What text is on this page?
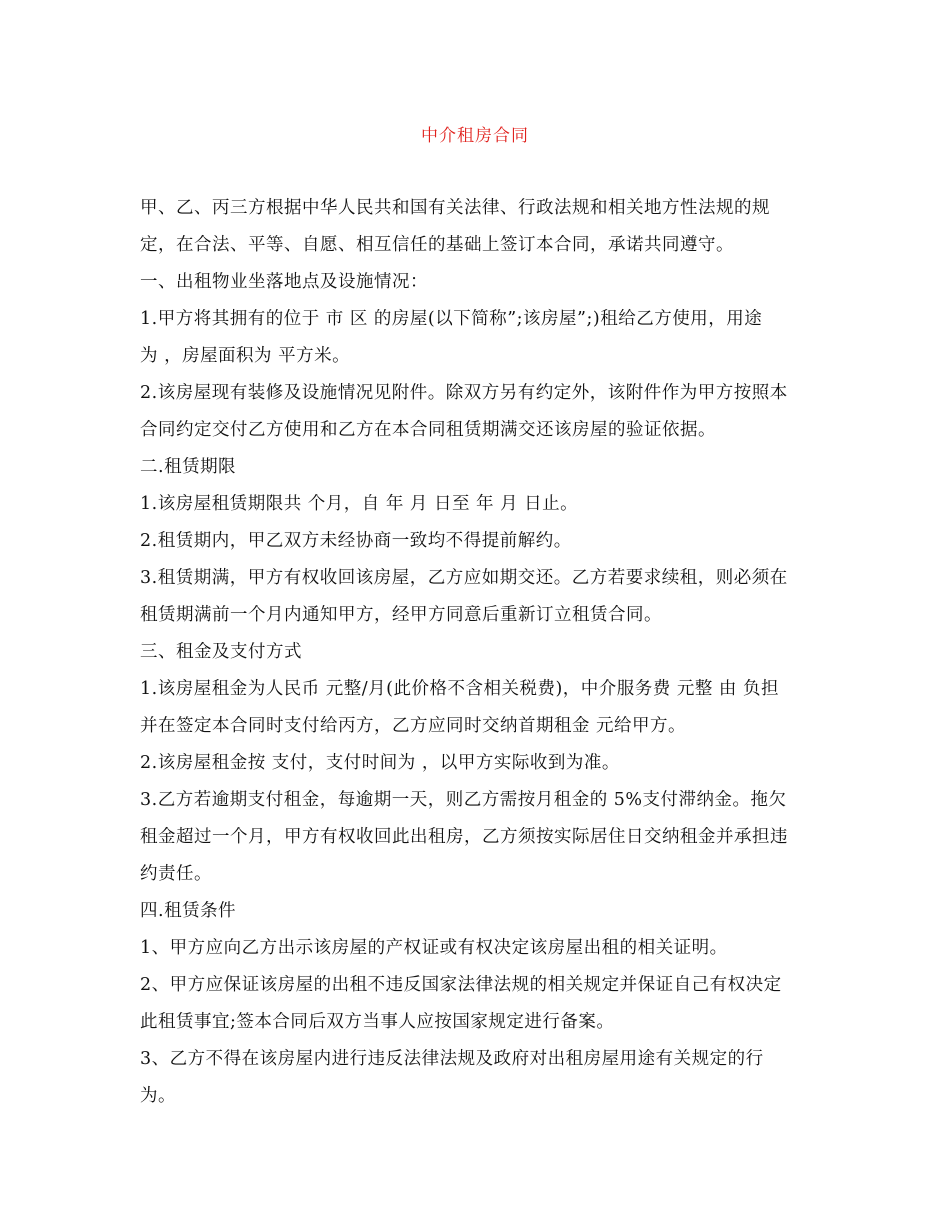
中介租房合同

甲、乙、丙三方根据中华人民共和国有关法律、行政法规和相关地方性法规的规

定，在合法、平等、自愿、相互信任的基础上签订本合同，承诺共同遵守。

一、出租物业坐落地点及设施情况：

1.甲方将其拥有的位于 市 区 的房屋(以下简称”;该房屋”;)租给乙方使用，用途

为 ，房屋面积为 平方米。

2.该房屋现有装修及设施情况见附件。除双方另有约定外，该附件作为甲方按照本

合同约定交付乙方使用和乙方在本合同租赁期满交还该房屋的验证依据。

二.租赁期限

1.该房屋租赁期限共 个月，自 年 月 日至 年 月 日止。

2.租赁期内，甲乙双方未经协商一致均不得提前解约。

3.租赁期满，甲方有权收回该房屋，乙方应如期交还。乙方若要求续租，则必须在

租赁期满前一个月内通知甲方，经甲方同意后重新订立租赁合同。

三、租金及支付方式

1.该房屋租金为人民币 元整/月(此价格不含相关税费)，中介服务费 元整 由 负担

并在签定本合同时支付给丙方，乙方应同时交纳首期租金 元给甲方。

2.该房屋租金按 支付，支付时间为 ，以甲方实际收到为准。

3.乙方若逾期支付租金，每逾期一天，则乙方需按月租金的 5%支付滞纳金。拖欠

租金超过一个月，甲方有权收回此出租房，乙方须按实际居住日交纳租金并承担违

约责任。

四.租赁条件

1、甲方应向乙方出示该房屋的产权证或有权决定该房屋出租的相关证明。

2、甲方应保证该房屋的出租不违反国家法律法规的相关规定并保证自己有权决定

此租赁事宜;签本合同后双方当事人应按国家规定进行备案。

3、乙方不得在该房屋内进行违反法律法规及政府对出租房屋用途有关规定的行

为。
